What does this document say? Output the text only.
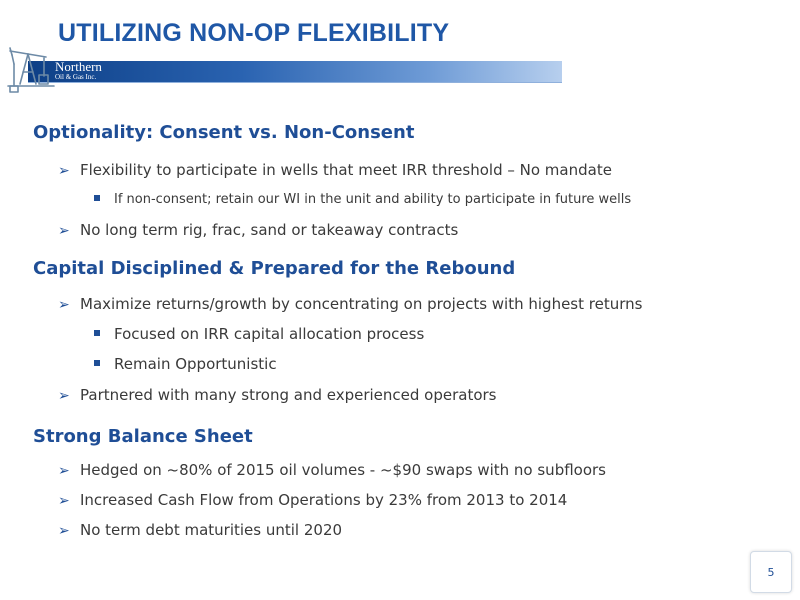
UTILIZING NON-OP FLEXIBILITY
Northern
Oil & Gas Inc.
Optionality: Consent vs. Non-Consent
➢ Flexibility to participate in wells that meet IRR threshold – No mandate
If non-consent; retain our WI in the unit and ability to participate in future wells
➢ No long term rig, frac, sand or takeaway contracts
Capital Disciplined & Prepared for the Rebound
➢ Maximize returns/growth by concentrating on projects with highest returns
Focused on IRR capital allocation process
Remain Opportunistic
➢ Partnered with many strong and experienced operators
Strong Balance Sheet
➢ Hedged on ~80% of 2015 oil volumes - ~$90 swaps with no subfloors
➢ Increased Cash Flow from Operations by 23% from 2013 to 2014
➢ No term debt maturities until 2020
5
